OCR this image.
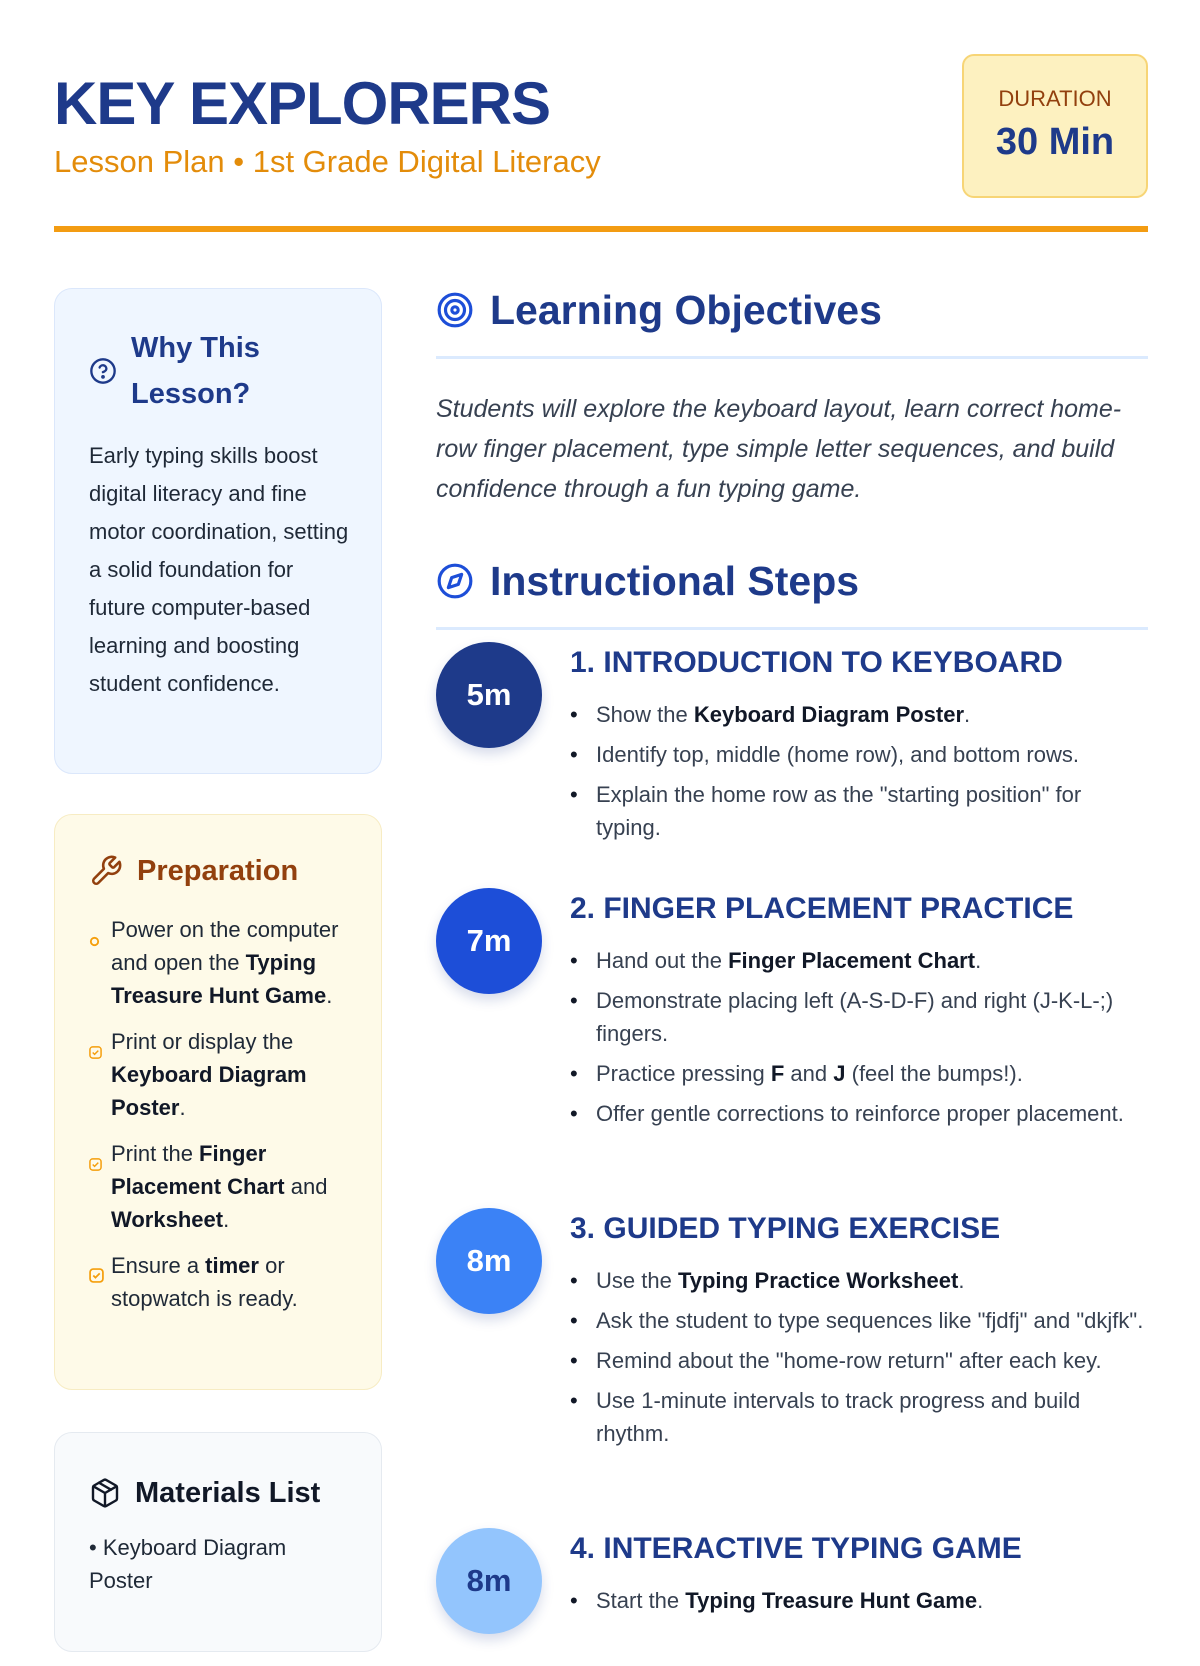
KEY EXPLORERS
Lesson Plan • 1st Grade Digital Literacy
DURATION
30 Min
Why This Lesson?
Early typing skills boost digital literacy and fine motor coordination, setting a solid foundation for future computer-based learning and boosting student confidence.
Preparation
Power on the computer and open the Typing Treasure Hunt Game.
Print or display the Keyboard Diagram Poster.
Print the Finger Placement Chart and Worksheet.
Ensure a timer or stopwatch is ready.
Materials List
• Keyboard Diagram Poster
Learning Objectives
Students will explore the keyboard layout, learn correct home-row finger placement, type simple letter sequences, and build confidence through a fun typing game.
Instructional Steps
5m
1. INTRODUCTION TO KEYBOARD
• Show the Keyboard Diagram Poster.
• Identify top, middle (home row), and bottom rows.
• Explain the home row as the "starting position" for typing.
7m
2. FINGER PLACEMENT PRACTICE
• Hand out the Finger Placement Chart.
• Demonstrate placing left (A-S-D-F) and right (J-K-L-;) fingers.
• Practice pressing F and J (feel the bumps!).
• Offer gentle corrections to reinforce proper placement.
8m
3. GUIDED TYPING EXERCISE
• Use the Typing Practice Worksheet.
• Ask the student to type sequences like "fjdfj" and "dkjfk".
• Remind about the "home-row return" after each key.
• Use 1-minute intervals to track progress and build rhythm.
8m
4. INTERACTIVE TYPING GAME
• Start the Typing Treasure Hunt Game.
